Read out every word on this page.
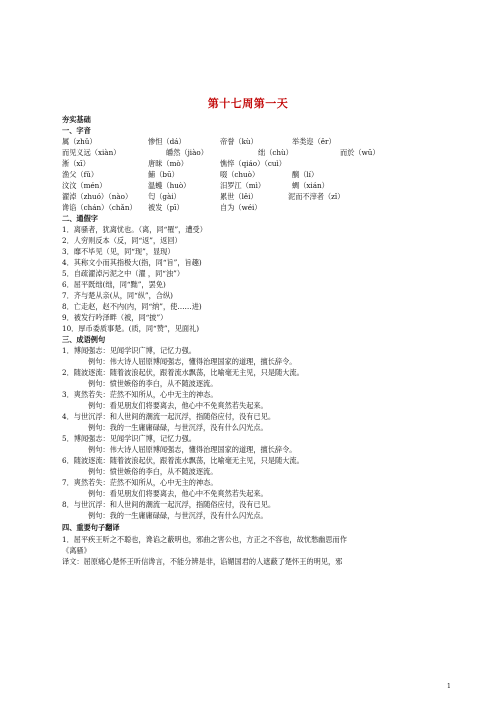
第十七周第一天
夯实基础
一、字音
属（zhǔ）	惨怛（dá）	帝誉（kù）	举类迩（ěr）
而见义远（xiàn）	皭然（jiào）	绌（chù）	而於（wū）
淅（xī）	唐昧（mò）	憔悴（qiáo）（cuì）
渔父（fǔ）	餔（bū）	啜（chuò）	醨（lí）
汶汶（mén）	温蠖（huò）	汨罗江（mì）	蜩（xián）
濯淖（zhuó）（nào） 匄（gài）	累世（lěi）	泥而不滓者（zǐ）
谗谄（chán）（chǎn） 被发（pī）	自为（wéi）
二、通假字
1．离骚者，犹离忧也。（离，同“罹”，遭受）
2．人穷则反本（反，同“返”，返回）
3．靡不毕见（见，同“现”，显现）
4．其称文小而其指极大(指，同“旨”，旨趣)
5．自疏濯淖污泥之中（濯 ，同“浊”）
6．屈平既绌(绌，同“黜”，罢免)
7．齐与楚从亲(从，同“纵”，合纵)
8．亡走赵，赵不内(内，同“纳”，使……进)
9．被发行吟泽畔（被，同“披”）
10．厚币委质事楚。(质，同“赞”，见面礼)
三、成语例句
1．博闻强志：见闻学识广博，记忆力强。
例句：伟大诗人屈原博闻强志，懂得治理国家的道理，擅长辞令。
2．随波逐流：随着波浪起伏，跟着流水飘荡，比喻毫无主见，只是随大流。
例句：愤世嫉俗的李白，从不随波逐流。
3．爽然若失：茫然不知所从，心中无主的神态。
例句：看见朋友们将要离去，他心中不免爽然若失起来。
4．与世沉浮：和人世间的潮流一起沉浮，指随俗应付，没有已见。
例句：我的一生庸庸碌碌，与世沉浮，没有什么闪光点。
5．博闻强志：见闻学识广博，记忆力强。
例句：伟大诗人屈原博闻强志，懂得治理国家的道理，擅长辞令。
6．随波逐流：随着波浪起伏，跟着流水飘荡，比喻毫无主见，只是随大流。
例句：愤世嫉俗的李白，从不随波逐流。
7．爽然若失：茫然不知所从，心中无主的神态。
例句：看见朋友们将要离去，他心中不免爽然若失起来。
8．与世沉浮：和人世间的潮流一起沉浮，指随俗应付，没有已见。
例句：我的一生庸庸碌碌，与世沉浮，没有什么闪光点。
四、重要句子翻译
1．屈平疾王听之不聪也，谗谄之蔽明也，邪曲之害公也，方正之不容也，故忧愁幽思而作
《离骚》
译文：屈原痛心楚怀王听信谗言，不能分辨是非，谄媚国君的人遮蔽了楚怀王的明见，邪
1
